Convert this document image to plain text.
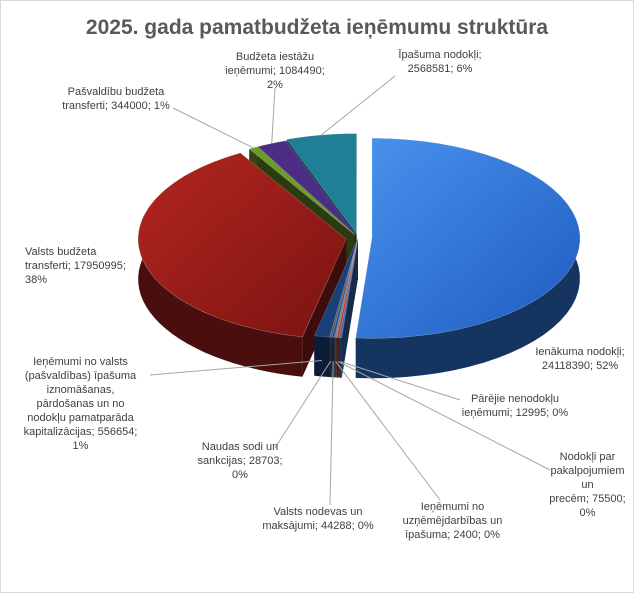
2025. gada pamatbudžeta ieņēmumu struktūra
Ienākuma nodokļi;
24118390; 52%
Pārējie nenodokļu
ieņēmumi; 12995; 0%
Nodokļi par
pakalpojumiem un
precēm; 75500; 0%
Ieņēmumi no
uzņēmējdarbības un
īpašuma; 2400; 0%
Valsts nodevas un
maksājumi; 44288; 0%
Naudas sodi un
sankcijas; 28703; 0%
Ieņēmumi no valsts
(pašvaldības) īpašuma
iznomāšanas,
pārdošanas un no
nodokļu pamatparāda
kapitalizācijas; 556654;
1%
Valsts budžeta
transferti; 17950995;
38%
Pašvaldību budžeta
transferti; 344000; 1%
Budžeta iestāžu
ieņēmumi; 1084490;
2%
Īpašuma nodokļi;
2568581; 6%
